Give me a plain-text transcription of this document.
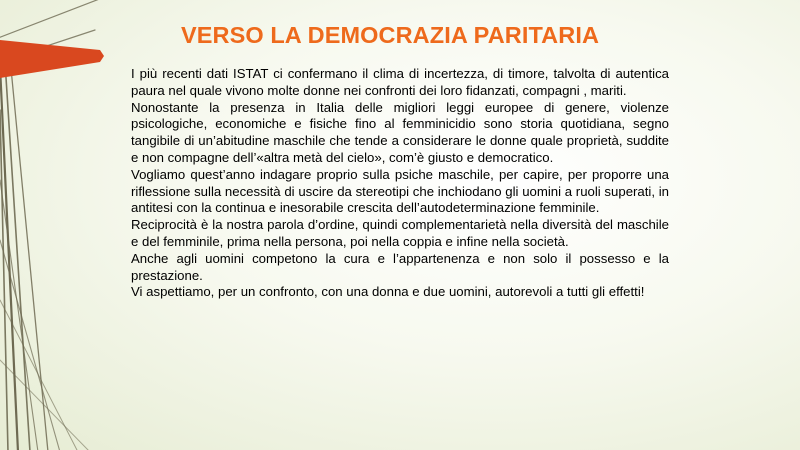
VERSO LA DEMOCRAZIA PARITARIA

I più recenti dati ISTAT ci confermano il clima di incertezza, di timore, talvolta di autentica paura nel quale vivono molte donne nei confronti dei loro fidanzati, compagni , mariti.

Nonostante la presenza in Italia delle migliori leggi europee di genere, violenze psicologiche, economiche e fisiche fino al femminicidio sono storia quotidiana, segno tangibile di un’abitudine maschile che tende a considerare le donne quale proprietà, suddite e non compagne dell’«altra metà del cielo», com’è giusto e democratico.

Vogliamo quest’anno indagare proprio sulla psiche maschile, per capire, per proporre una riflessione sulla necessità di uscire da stereotipi che inchiodano gli uomini a ruoli superati, in antitesi con la continua e inesorabile crescita dell’autodeterminazione femminile.

Reciprocità è la nostra parola d’ordine, quindi complementarietà nella diversità del maschile e del femminile, prima nella persona, poi nella coppia e infine nella società.

Anche agli uomini competono la cura e l’appartenenza e non solo il possesso e la prestazione.

Vi aspettiamo, per un confronto, con una donna e due uomini, autorevoli a tutti gli effetti!
